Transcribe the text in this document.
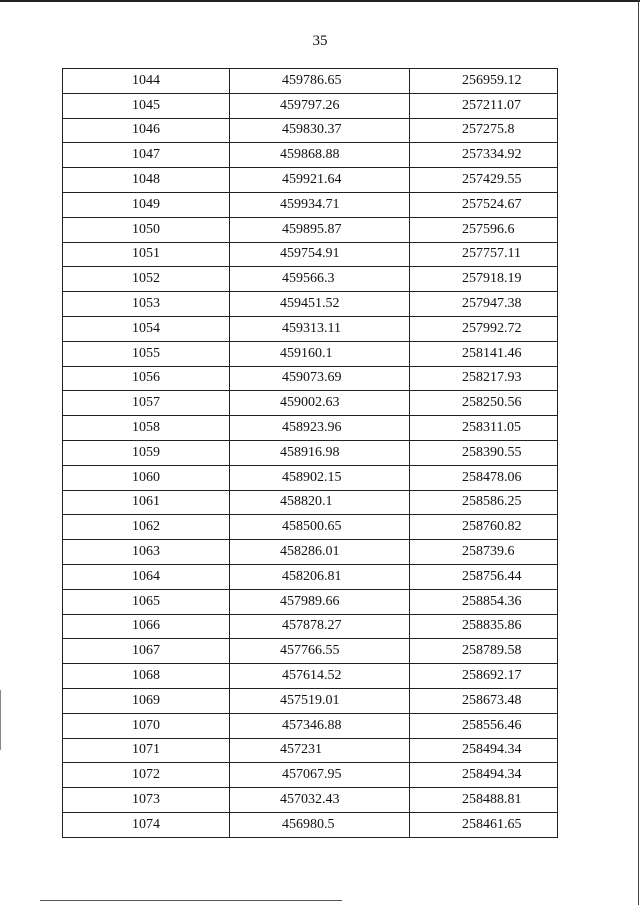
35
1044	459786.65	256959.12
1045	459797.26	257211.07
1046	459830.37	257275.8
1047	459868.88	257334.92
1048	459921.64	257429.55
1049	459934.71	257524.67
1050	459895.87	257596.6
1051	459754.91	257757.11
1052	459566.3	257918.19
1053	459451.52	257947.38
1054	459313.11	257992.72
1055	459160.1	258141.46
1056	459073.69	258217.93
1057	459002.63	258250.56
1058	458923.96	258311.05
1059	458916.98	258390.55
1060	458902.15	258478.06
1061	458820.1	258586.25
1062	458500.65	258760.82
1063	458286.01	258739.6
1064	458206.81	258756.44
1065	457989.66	258854.36
1066	457878.27	258835.86
1067	457766.55	258789.58
1068	457614.52	258692.17
1069	457519.01	258673.48
1070	457346.88	258556.46
1071	457231	258494.34
1072	457067.95	258494.34
1073	457032.43	258488.81
1074	456980.5	258461.65
